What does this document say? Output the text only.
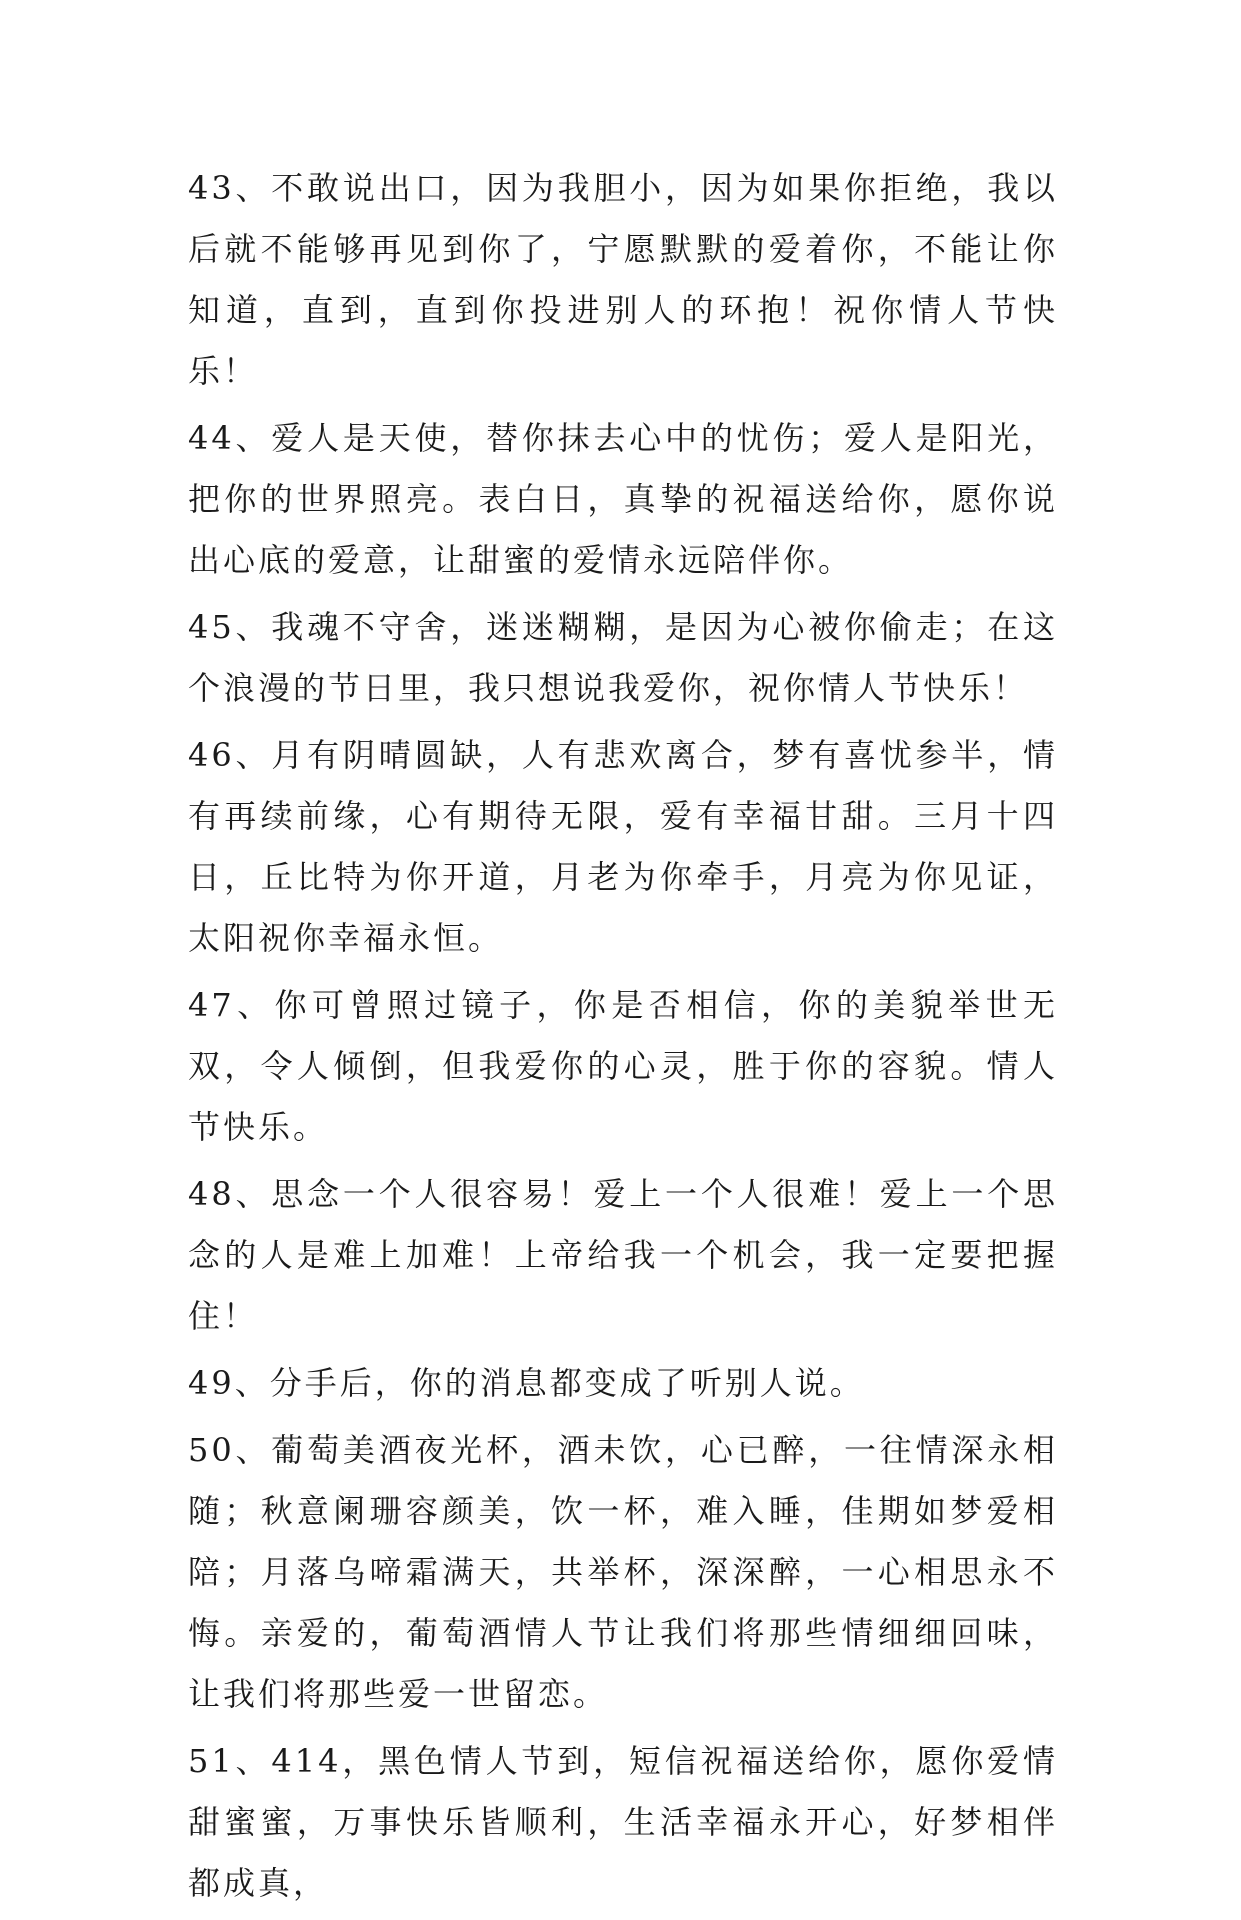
43、不敢说出口，因为我胆小，因为如果你拒绝，我以后就不能够再见到你了，宁愿默默的爱着你，不能让你知道，直到，直到你投进别人的环抱！祝你情人节快乐！

44、爱人是天使，替你抹去心中的忧伤；爱人是阳光，把你的世界照亮。表白日，真挚的祝福送给你，愿你说出心底的爱意，让甜蜜的爱情永远陪伴你。

45、我魂不守舍，迷迷糊糊，是因为心被你偷走；在这个浪漫的节日里，我只想说我爱你，祝你情人节快乐！

46、月有阴晴圆缺，人有悲欢离合，梦有喜忧参半，情有再续前缘，心有期待无限，爱有幸福甘甜。三月十四日，丘比特为你开道，月老为你牵手，月亮为你见证，太阳祝你幸福永恒。

47、你可曾照过镜子，你是否相信，你的美貌举世无双，令人倾倒，但我爱你的心灵，胜于你的容貌。情人节快乐。

48、思念一个人很容易！爱上一个人很难！爱上一个思念的人是难上加难！上帝给我一个机会，我一定要把握住！

49、分手后，你的消息都变成了听别人说。

50、葡萄美酒夜光杯，酒未饮，心已醉，一往情深永相随；秋意阑珊容颜美，饮一杯，难入睡，佳期如梦爱相陪；月落乌啼霜满天，共举杯，深深醉，一心相思永不悔。亲爱的，葡萄酒情人节让我们将那些情细细回味，让我们将那些爱一世留恋。

51、414，黑色情人节到，短信祝福送给你，愿你爱情甜蜜蜜，万事快乐皆顺利，生活幸福永开心，好梦相伴都成真，
